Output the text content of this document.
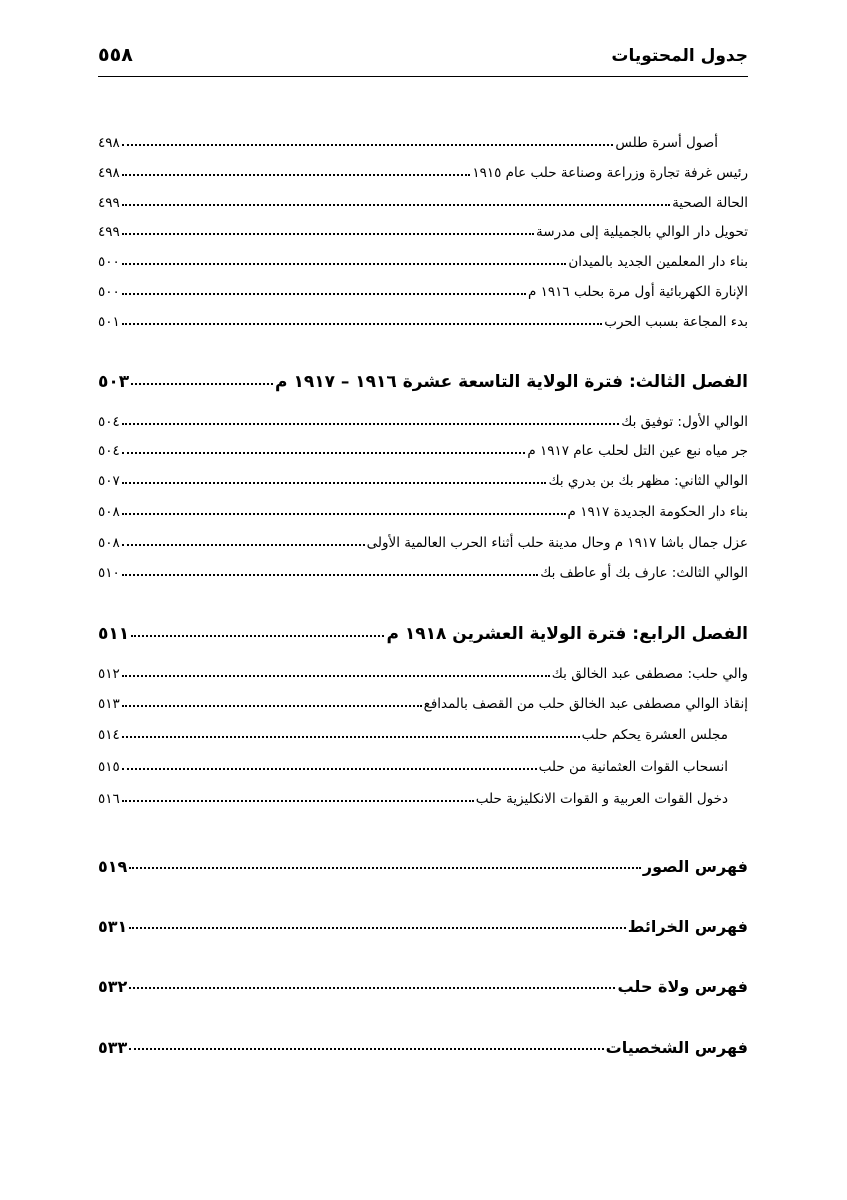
جدول المحتويات
٥٥٨
أصول أسرة طلس
٤٩٨
رئيس غرفة تجارة وزراعة وصناعة حلب عام ١٩١٥
٤٩٨
الحالة الصحية
٤٩٩
تحويل دار الوالي بالجميلية إلى مدرسة
٤٩٩
بناء دار المعلمين الجديد بالميدان
٥٠٠
الإنارة الكهربائية أول مرة بحلب ١٩١٦ م
٥٠٠
بدء المجاعة بسبب الحرب
٥٠١
الفصل الثالث: فترة الولاية التاسعة عشرة ١٩١٦ – ١٩١٧ م
٥٠٣
الوالي الأول: توفيق بك
٥٠٤
جر مياه نبع عين التل لحلب عام ١٩١٧ م
٥٠٤
الوالي الثاني: مظهر بك بن بدري بك
٥٠٧
بناء دار الحكومة الجديدة ١٩١٧ م
٥٠٨
عزل جمال باشا ١٩١٧ م وحال مدينة حلب أثناء الحرب العالمية الأولى
٥٠٨
الوالي الثالث: عارف بك أو عاطف بك
٥١٠
الفصل الرابع: فترة الولاية العشرين ١٩١٨ م
٥١١
والي حلب: مصطفى عبد الخالق بك
٥١٢
إنقاذ الوالي مصطفى عبد الخالق حلب من القصف بالمدافع
٥١٣
مجلس العشرة يحكم حلب
٥١٤
انسحاب القوات العثمانية من حلب
٥١٥
دخول القوات العربية و القوات الانكليزية حلب
٥١٦
فهرس الصور
٥١٩
فهرس الخرائط
٥٣١
فهرس ولاة حلب
٥٣٢
فهرس الشخصيات
٥٣٣
